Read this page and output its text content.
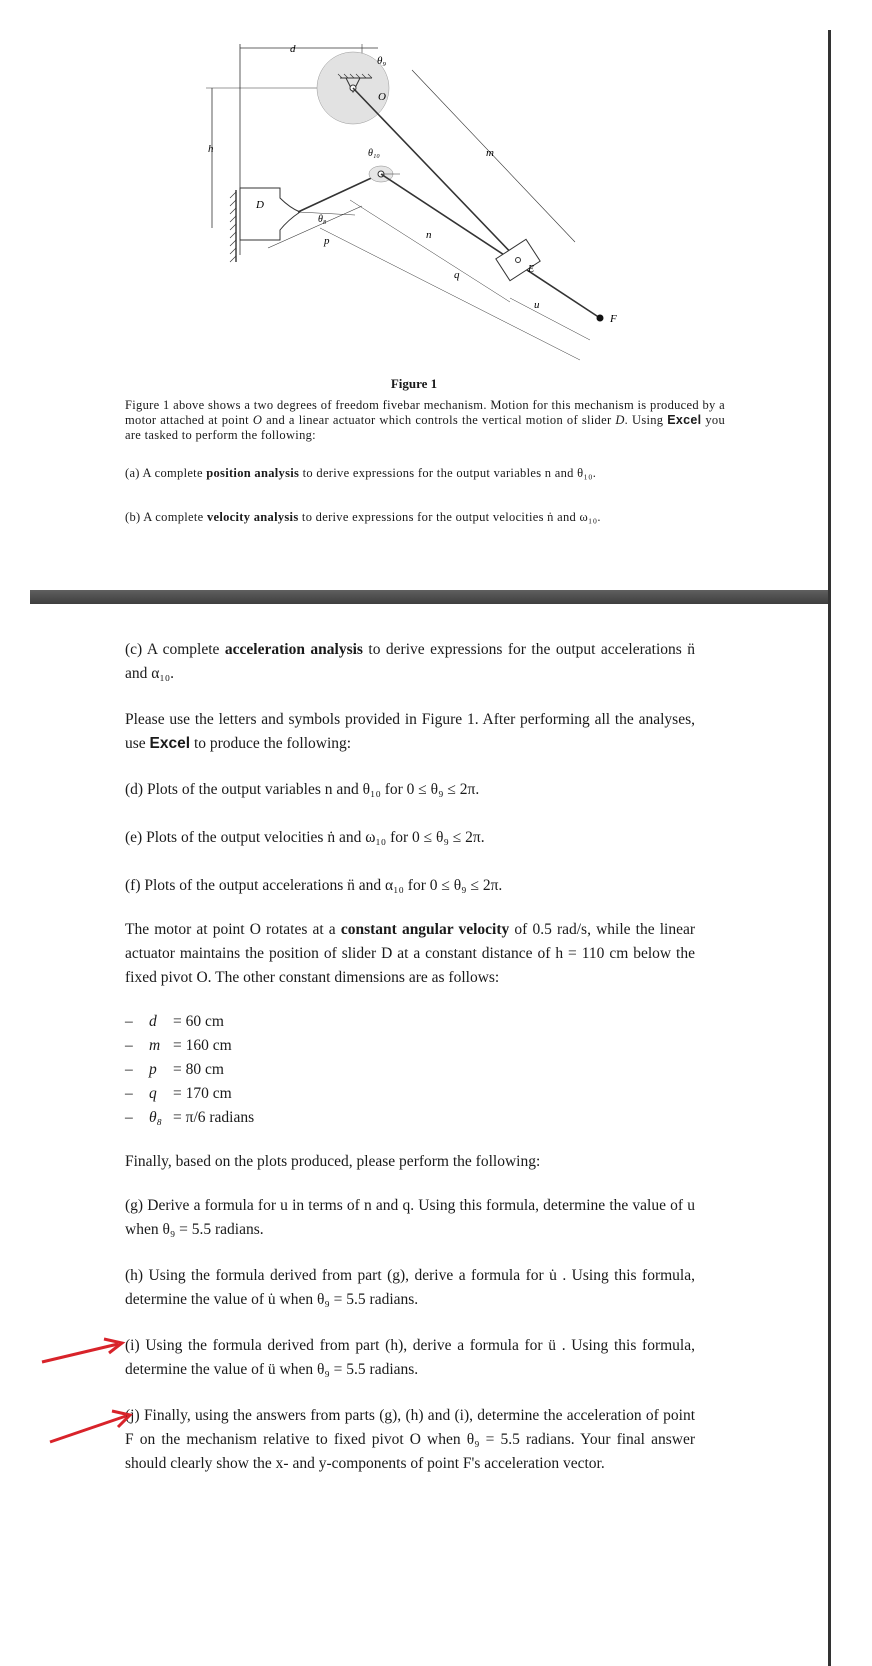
d
h
θ₉
O
m
D
θ₈
p
θ₁₀
n
q	E
u
F
Figure 1
Figure 1 above shows a two degrees of freedom fivebar mechanism. Motion for this mechanism is produced by a motor attached at point O and a linear actuator which controls the vertical motion of slider D. Using Excel you are tasked to perform the following:
(a) A complete position analysis to derive expressions for the output variables n and θ₁₀.
(b) A complete velocity analysis to derive expressions for the output velocities ṅ and ω₁₀.
(c) A complete acceleration analysis to derive expressions for the output accelerations n̈ and α₁₀.
Please use the letters and symbols provided in Figure 1. After performing all the analyses, use Excel to produce the following:
(d) Plots of the output variables n and θ₁₀ for 0 ≤ θ₉ ≤ 2π.
(e) Plots of the output velocities ṅ and ω₁₀ for 0 ≤ θ₉ ≤ 2π.
(f) Plots of the output accelerations n̈ and α₁₀ for 0 ≤ θ₉ ≤ 2π.
The motor at point O rotates at a constant angular velocity of 0.5 rad/s, while the linear actuator maintains the position of slider D at a constant distance of h = 110 cm below the fixed pivot O. The other constant dimensions are as follows:
– d = 60 cm
– m = 160 cm
– p = 80 cm
– q = 170 cm
– θ₈ = π/6 radians
Finally, based on the plots produced, please perform the following:
(g) Derive a formula for u in terms of n and q. Using this formula, determine the value of u when θ₉ = 5.5 radians.
(h) Using the formula derived from part (g), derive a formula for u̇ . Using this formula, determine the value of u̇ when θ₉ = 5.5 radians.
(i) Using the formula derived from part (h), derive a formula for ü . Using this formula, determine the value of ü when θ₉ = 5.5 radians.
(j) Finally, using the answers from parts (g), (h) and (i), determine the acceleration of point F on the mechanism relative to fixed pivot O when θ₉ = 5.5 radians. Your final answer should clearly show the x- and y-components of point F's acceleration vector.
